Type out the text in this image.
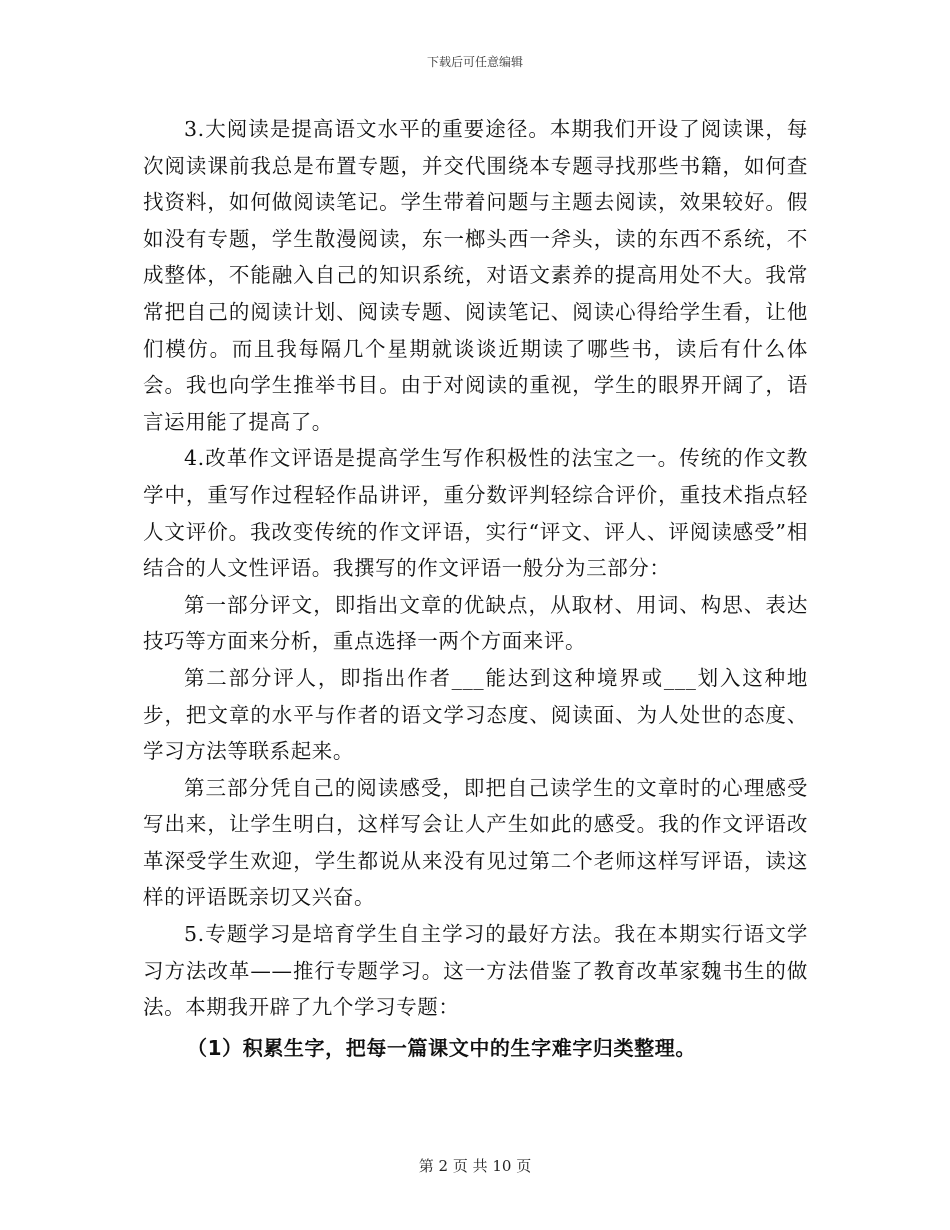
下载后可任意编辑

3.大阅读是提高语文水平的重要途径。本期我们开设了阅读课，每次阅读课前我总是布置专题，并交代围绕本专题寻找那些书籍，如何查找资料，如何做阅读笔记。学生带着问题与主题去阅读，效果较好。假如没有专题，学生散漫阅读，东一榔头西一斧头，读的东西不系统，不成整体，不能融入自己的知识系统，对语文素养的提高用处不大。我常常把自己的阅读计划、阅读专题、阅读笔记、阅读心得给学生看，让他们模仿。而且我每隔几个星期就谈谈近期读了哪些书，读后有什么体会。我也向学生推举书目。由于对阅读的重视，学生的眼界开阔了，语言运用能了提高了。

4.改革作文评语是提高学生写作积极性的法宝之一。传统的作文教学中，重写作过程轻作品讲评，重分数评判轻综合评价，重技术指点轻人文评价。我改变传统的作文评语，实行“评文、评人、评阅读感受”相结合的人文性评语。我撰写的作文评语一般分为三部分：

第一部分评文，即指出文章的优缺点，从取材、用词、构思、表达技巧等方面来分析，重点选择一两个方面来评。

第二部分评人，即指出作者___能达到这种境界或___划入这种地步，把文章的水平与作者的语文学习态度、阅读面、为人处世的态度、学习方法等联系起来。

第三部分凭自己的阅读感受，即把自己读学生的文章时的心理感受写出来，让学生明白，这样写会让人产生如此的感受。我的作文评语改革深受学生欢迎，学生都说从来没有见过第二个老师这样写评语，读这样的评语既亲切又兴奋。

5.专题学习是培育学生自主学习的最好方法。我在本期实行语文学习方法改革——推行专题学习。这一方法借鉴了教育改革家魏书生的做法。本期我开辟了九个学习专题：

（1）积累生字，把每一篇课文中的生字难字归类整理。

第 2 页 共 10 页
